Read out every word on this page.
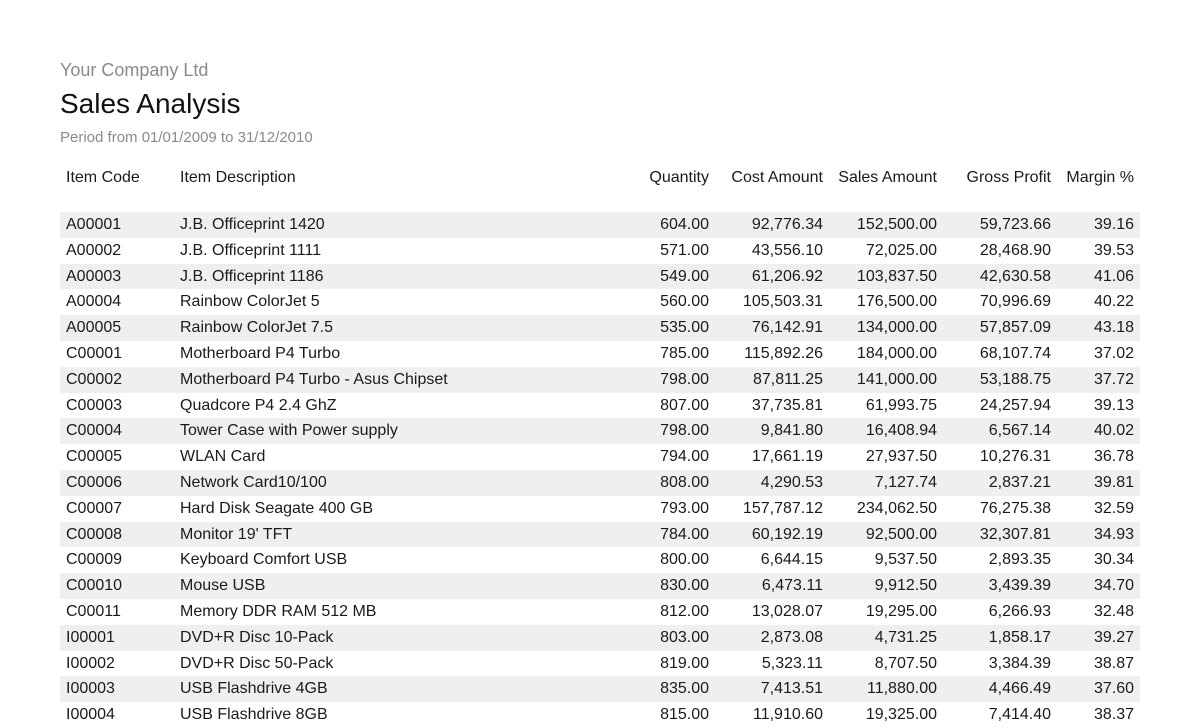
Your Company Ltd
Sales Analysis
Period from 01/01/2009 to 31/12/2010
Item Code	Item Description	Quantity	Cost Amount	Sales Amount	Gross Profit	Margin %

A00001	J.B. Officeprint 1420	604.00	92,776.34	152,500.00	59,723.66	39.16
A00002	J.B. Officeprint 1111	571.00	43,556.10	72,025.00	28,468.90	39.53
A00003	J.B. Officeprint 1186	549.00	61,206.92	103,837.50	42,630.58	41.06
A00004	Rainbow ColorJet 5	560.00	105,503.31	176,500.00	70,996.69	40.22
A00005	Rainbow ColorJet 7.5	535.00	76,142.91	134,000.00	57,857.09	43.18
C00001	Motherboard P4 Turbo	785.00	115,892.26	184,000.00	68,107.74	37.02
C00002	Motherboard P4 Turbo - Asus Chipset	798.00	87,811.25	141,000.00	53,188.75	37.72
C00003	Quadcore P4 2.4 GhZ	807.00	37,735.81	61,993.75	24,257.94	39.13
C00004	Tower Case with Power supply	798.00	9,841.80	16,408.94	6,567.14	40.02
C00005	WLAN Card	794.00	17,661.19	27,937.50	10,276.31	36.78
C00006	Network Card10/100	808.00	4,290.53	7,127.74	2,837.21	39.81
C00007	Hard Disk Seagate 400 GB	793.00	157,787.12	234,062.50	76,275.38	32.59
C00008	Monitor 19' TFT	784.00	60,192.19	92,500.00	32,307.81	34.93
C00009	Keyboard Comfort USB	800.00	6,644.15	9,537.50	2,893.35	30.34
C00010	Mouse USB	830.00	6,473.11	9,912.50	3,439.39	34.70
C00011	Memory DDR RAM 512 MB	812.00	13,028.07	19,295.00	6,266.93	32.48
I00001	DVD+R Disc 10-Pack	803.00	2,873.08	4,731.25	1,858.17	39.27
I00002	DVD+R Disc 50-Pack	819.00	5,323.11	8,707.50	3,384.39	38.87
I00003	USB Flashdrive 4GB	835.00	7,413.51	11,880.00	4,466.49	37.60
I00004	USB Flashdrive 8GB	815.00	11,910.60	19,325.00	7,414.40	38.37
